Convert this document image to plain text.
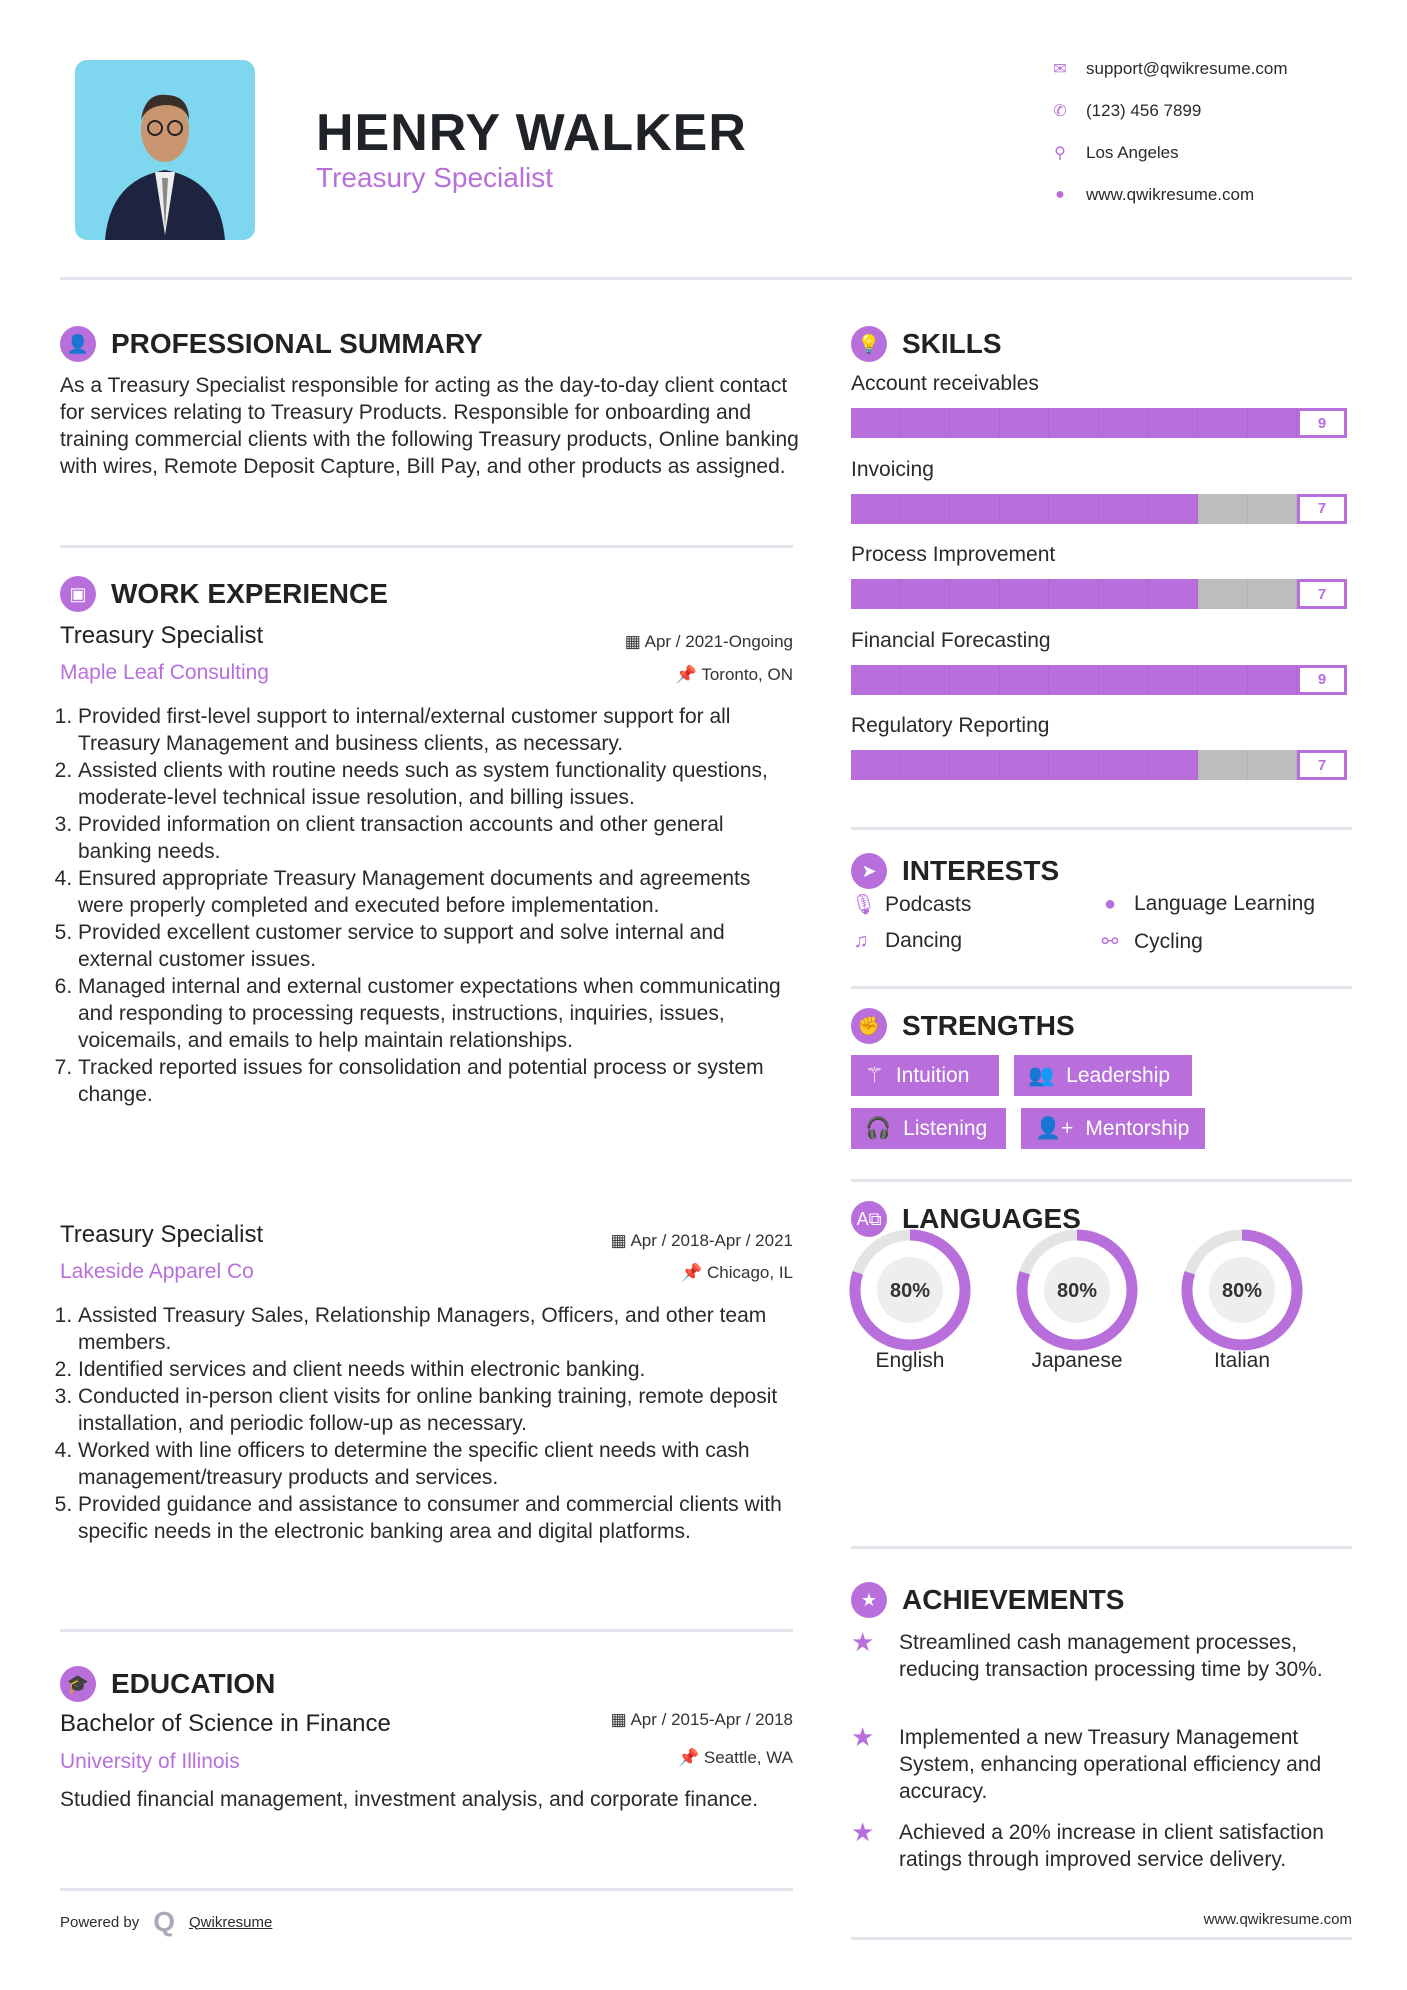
HENRY WALKER
Treasury Specialist
✉ support@qwikresume.com
✆ (123) 456 7899
⚲ Los Angeles
● www.qwikresume.com
👤 PROFESSIONAL SUMMARY
As a Treasury Specialist responsible for acting as the day-to-day client contact for services relating to Treasury Products. Responsible for onboarding and training commercial clients with the following Treasury products, Online banking with wires, Remote Deposit Capture, Bill Pay, and other products as assigned.
▣ WORK EXPERIENCE
Treasury Specialist	▦ Apr / 2021-Ongoing
Maple Leaf Consulting	📌 Toronto, ON
1. Provided first-level support to internal/external customer support for all Treasury Management and business clients, as necessary.
2. Assisted clients with routine needs such as system functionality questions, moderate-level technical issue resolution, and billing issues.
3. Provided information on client transaction accounts and other general banking needs.
4. Ensured appropriate Treasury Management documents and agreements were properly completed and executed before implementation.
5. Provided excellent customer service to support and solve internal and external customer issues.
6. Managed internal and external customer expectations when communicating and responding to processing requests, instructions, inquiries, issues, voicemails, and emails to help maintain relationships.
7. Tracked reported issues for consolidation and potential process or system change.
Treasury Specialist	▦ Apr / 2018-Apr / 2021
Lakeside Apparel Co	📌 Chicago, IL
1. Assisted Treasury Sales, Relationship Managers, Officers, and other team members.
2. Identified services and client needs within electronic banking.
3. Conducted in-person client visits for online banking training, remote deposit installation, and periodic follow-up as necessary.
4. Worked with line officers to determine the specific client needs with cash management/treasury products and services.
5. Provided guidance and assistance to consumer and commercial clients with specific needs in the electronic banking area and digital platforms.
🎓 EDUCATION
Bachelor of Science in Finance	▦ Apr / 2015-Apr / 2018
University of Illinois	📌 Seattle, WA
Studied financial management, investment analysis, and corporate finance.
Powered by Q Qwikresume
💡 SKILLS
Account receivables
9
Invoicing
7
Process Improvement
7
Financial Forecasting
9
Regulatory Reporting
7
➤ INTERESTS
🎙 Podcasts	● Language Learning
♫ Dancing	⚯ Cycling
✊ STRENGTHS
⚚ Intuition	👥 Leadership
🎧 Listening 👤+ Mentorship
A⧉ LANGUAGES
80%
English
80%
Japanese
80%
Italian
★ ACHIEVEMENTS
★	Streamlined cash management processes, reducing transaction processing time by 30%.
★	Implemented a new Treasury Management System, enhancing operational efficiency and accuracy.
★	Achieved a 20% increase in client satisfaction ratings through improved service delivery.
www.qwikresume.com
